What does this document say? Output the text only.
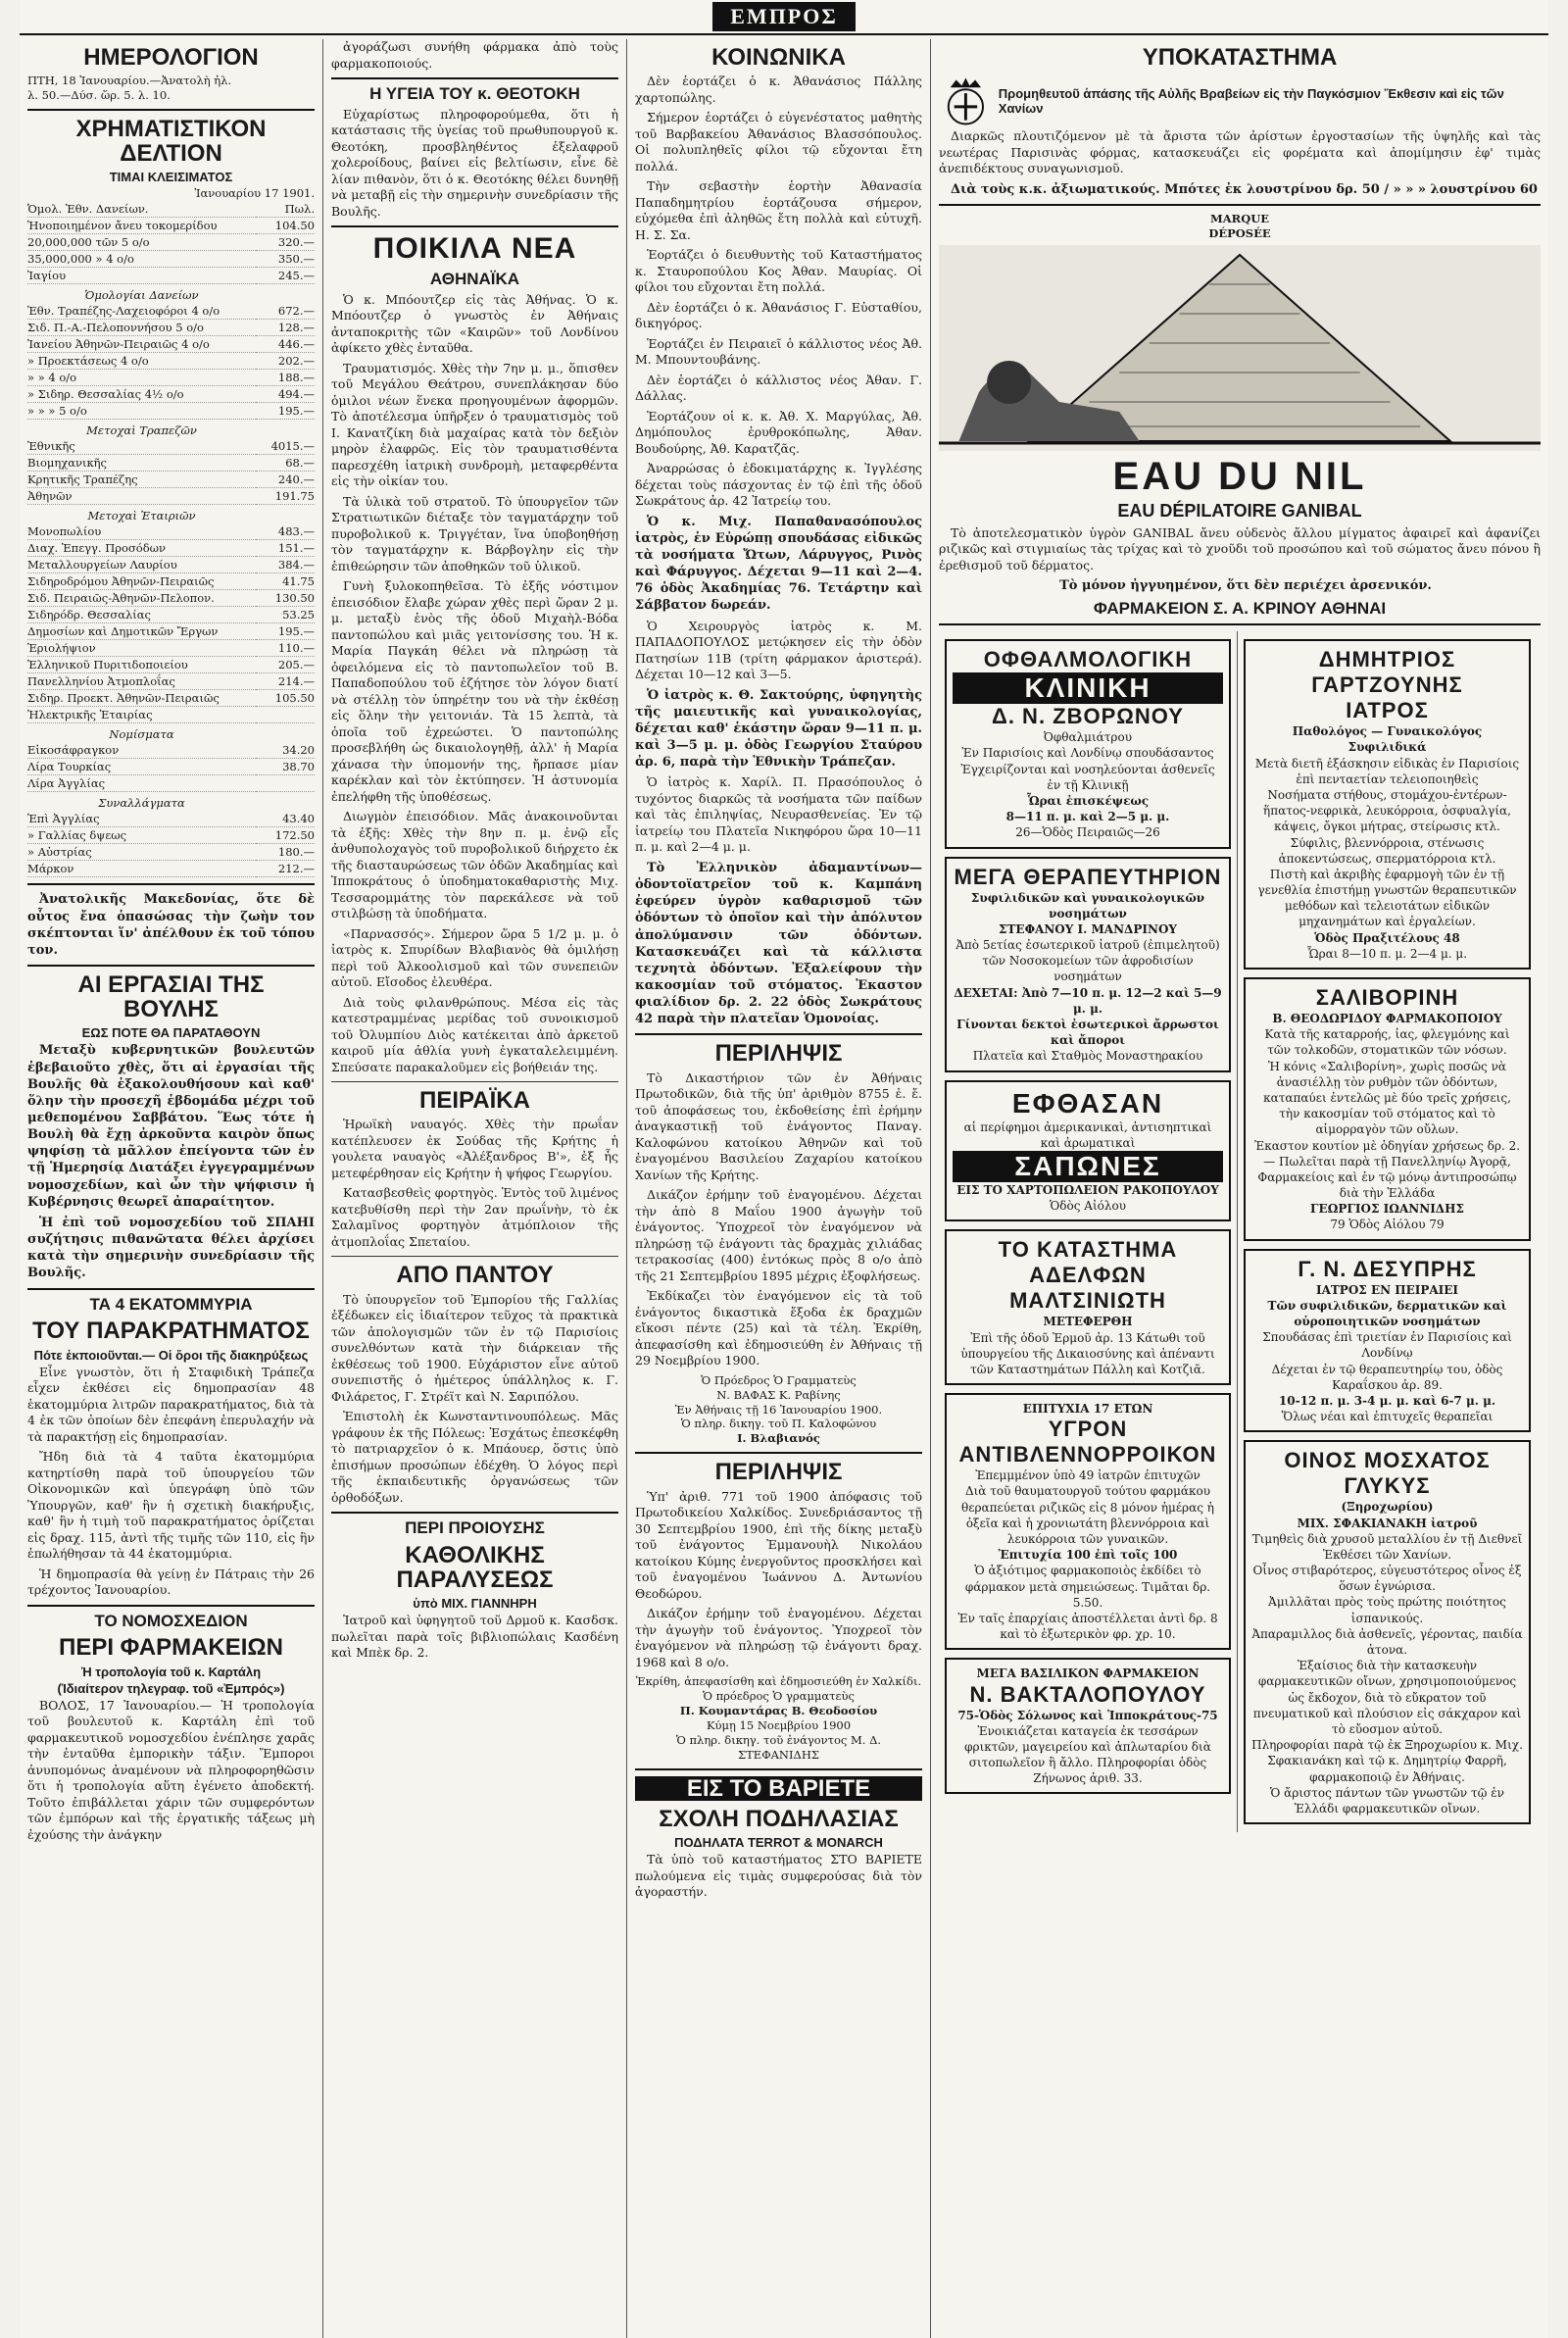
ΕΜΠΡΟΣ
ΗΜΕΡΟΛΟΓΙΟΝ
ΠΤΗ, 18 Ἰανουαρίου.—Ἀνατολὴ ἡλ.
λ. 50.—Δύσ. ὥρ. 5. λ. 10.
ΧΡΗΜΑΤΙΣΤΙΚΟΝ ΔΕΛΤΙΟΝ
ΤΙΜΑΙ ΚΛΕΙΣΙΜΑΤΟΣ
Ἰανουαρίου 17 1901.
Ὁμολ. Ἐθν. Δανείων.	Πωλ.
Ἡνοποιημένον ἄνευ τοκομερίδου	104.50
20,000,000 τῶν 5 ο/ο	320.—
35,000,000 » 4 ο/ο	350.—
Ἰαγίου	245.—
Ὁμολογίαι Δανείων	
Ἐθν. Τραπέζης-Λαχειοφόροι 4 ο/ο	672.—
Σιδ. Π.-Α.-Πελοποννήσου 5 ο/ο	128.—
Ἰανείου Ἀθηνῶν-Πειραιῶς 4 ο/ο	446.—
» Προεκτάσεως 4 ο/ο	202.—
» » 4 ο/ο	188.—
» Σιδηρ. Θεσσαλίας 4½ ο/ο	494.—
» » » 5 ο/ο	195.—
Μετοχαὶ Τραπεζῶν	
Ἐθνικῆς	4015.—
Βιομηχανικῆς	68.—
Κρητικῆς Τραπέζης	240.—
Ἀθηνῶν	191.75
Μετοχαὶ Ἑταιριῶν	
Μονοπωλίου	483.—
Διαχ. Ἐπεγγ. Προσόδων	151.—
Μεταλλουργείων Λαυρίου	384.—
Σιδηροδρόμου Ἀθηνῶν-Πειραιῶς	41.75
Σιδ. Πειραιῶς-Ἀθηνῶν-Πελοπον.	130.50
Σιδηρόδρ. Θεσσαλίας	53.25
Δημοσίων καὶ Δημοτικῶν Ἔργων	195.—
Ἐριολήψιον	110.—
Ἑλληνικοῦ Πυριτιδοποιείου	205.—
Πανελληνίου Ἀτμοπλοΐας	214.—
Σιδηρ. Προεκτ. Ἀθηνῶν-Πειραιῶς	105.50
Ἠλεκτρικῆς Ἑταιρίας	
Νομίσματα	
Εἰκοσάφραγκον	34.20
Λίρα Τουρκίας	38.70
Λίρα Ἀγγλίας	
Συναλλάγματα	
Ἐπὶ Ἀγγλίας	43.40
» Γαλλίας δψεως	172.50
» Αὐστρίας	180.—
Μάρκον	212.—

Ἀνατολικῆς Μακεδονίας, ὅτε δὲ οὗτος ἔνα ὁπασώσας τὴν ζωὴν τον σκέπτονται ἵν' ἀπέλθουν ἐκ τοῦ τόπου τον.

ΑΙ ΕΡΓΑΣΙΑΙ ΤΗΣ ΒΟΥΛΗΣ
ΕΩΣ ΠΟΤΕ ΘΑ ΠΑΡΑΤΑΘΟΥΝ

Μεταξὺ κυβερνητικῶν βουλευτῶν ἐβεβαιοῦτο χθὲς, ὅτι αἱ ἐργασίαι τῆς Βουλῆς θὰ ἐξακολουθήσουν καὶ καθ' ὅλην τὴν προσεχῆ ἑβδομάδα μέχρι τοῦ μεθεπομένου Σαββάτου. Ἕως τότε ἡ Βουλὴ θὰ ἔχῃ ἀρκοῦντα καιρὸν ὅπως ψηφίσῃ τὰ μᾶλλον ἐπείγοντα τῶν ἐν τῇ Ἡμερησίᾳ Διατάξει ἐγγεγραμμένων νομοσχεδίων, καὶ ὧν τὴν ψήφισιν ἡ Κυβέρνησις θεωρεῖ ἀπαραίτητον.

Ἡ ἐπὶ τοῦ νομοσχεδίου τοῦ ΣΠΑΗΙ συζήτησις πιθανῶτατα θέλει ἀρχίσει κατὰ τὴν σημερινὴν συνεδρίασιν τῆς Βουλῆς.

ΤΑ 4 ΕΚΑΤΟΜΜΥΡΙΑ
ΤΟΥ ΠΑΡΑΚΡΑΤΗΜΑΤΟΣ
Πότε ἐκποιοῦνται.— Οἱ ὅροι τῆς διακηρύξεως

Εἶνε γνωστὸν, ὅτι ἡ Σταφιδικὴ Τράπεζα εἶχεν ἐκθέσει εἰς δημοπρασίαν 48 ἑκατομμύρια λιτρῶν παρακρατήματος, διὰ τὰ 4 ἐκ τῶν ὁποίων δὲν ἐπεφάνη ἐπερυλαχήν νὰ τὰ παρακτήσῃ εἰς δημοπρασίαν.

Ἤδη διὰ τὰ 4 ταῦτα ἑκατομμύρια κατηρτίσθη παρὰ τοῦ ὑπουργείου τῶν Οἰκονομικῶν καὶ ὑπεγράφη ὑπὸ τῶν Ὑπουργῶν, καθ' ἣν ἡ σχετικὴ διακήρυξις, καθ' ἣν ἡ τιμὴ τοῦ παρακρατήματος ὁρίζεται εἰς δραχ. 115, ἀντὶ τῆς τιμῆς τῶν 110, εἰς ἣν ἐπωλήθησαν τὰ 44 ἑκατομμύρια.

Ἡ δημοπρασία θὰ γείνῃ ἐν Πάτραις τὴν 26 τρέχοντος Ἰανουαρίου.

ΤΟ ΝΟΜΟΣΧΕΔΙΟΝ
ΠΕΡΙ ΦΑΡΜΑΚΕΙΩΝ
Ἡ τροπολογία τοῦ κ. Καρτάλη
(Ἰδιαίτερον τηλεγραφ. τοῦ «Ἐμπρός»)

ΒΟΛΟΣ, 17 Ἰανουαρίου.— Ἡ τροπολογία τοῦ βουλευτοῦ κ. Καρτάλη ἐπὶ τοῦ φαρμακευτικοῦ νομοσχεδίου ἐνέπλησε χαρᾶς τὴν ἐνταῦθα ἐμπορικὴν τάξιν. Ἔμποροι ἀνυπομόνως ἀναμένουν νὰ πληροφορηθῶσιν ὅτι ἡ τροπολογία αὕτη ἐγένετο ἀποδεκτή. Τοῦτο ἐπιβάλλεται χάριν τῶν συμφερόντων τῶν ἐμπόρων καὶ τῆς ἐργατικῆς τάξεως μὴ ἐχούσης τὴν ἀνάγκην

ἀγοράζωσι συνήθη φάρμακα ἀπὸ τοὺς φαρμακοποιούς.

Η ΥΓΕΙΑ ΤΟΥ κ. ΘΕΟΤΟΚΗ

Εὐχαρίστως πληροφορούμεθα, ὅτι ἡ κατάστασις τῆς ὑγείας τοῦ πρωθυπουργοῦ κ. Θεοτόκη, προσβληθέντος ἐξελαφροῦ χολεροίδους, βαίνει εἰς βελτίωσιν, εἶνε δὲ λίαν πιθανὸν, ὅτι ὁ κ. Θεοτόκης θέλει δυνηθῇ νὰ μεταβῇ εἰς τὴν σημερινὴν συνεδρίασιν τῆς Βουλῆς.

ΠΟΙΚΙΛΑ ΝΕΑ
ΑΘΗΝΑΪΚΑ

Ὁ κ. Μπόουτζερ εἰς τὰς Ἀθήνας. Ὁ κ. Μπόουτζερ ὁ γνωστὸς ἐν Ἀθήναις ἀνταποκριτὴς τῶν «Καιρῶν» τοῦ Λονδίνου ἀφίκετο χθὲς ἐνταῦθα.

Τραυματισμός. Χθὲς τὴν 7ην μ. μ., ὅπισθεν τοῦ Μεγάλου Θεάτρου, συνεπλάκησαν δύο ὁμιλοι νέων ἕνεκα προηγουμένων ἀφορμῶν. Τὸ ἀποτέλεσμα ὑπῆρξεν ὁ τραυματισμὸς τοῦ Ι. Κανατζίκη διὰ μαχαίρας κατὰ τὸν δεξιὸν μηρὸν ἐλαφρῶς. Εἰς τὸν τραυματισθέντα παρεσχέθη ἰατρικὴ συνδρομὴ, μεταφερθέντα εἰς τὴν οἰκίαν του.

Τὰ ὑλικὰ τοῦ στρατοῦ. Τὸ ὑπουργεῖον τῶν Στρατιωτικῶν διέταξε τὸν ταγματάρχην τοῦ πυροβολικοῦ κ. Τριγγέταν, ἵνα ὑποβοηθήσῃ τὸν ταγματάρχην κ. Βάρβογλην εἰς τὴν ἐπιθεώρησιν τῶν ἀποθηκῶν τοῦ ὑλικοῦ.

Γυνὴ ξυλοκοπηθεῖσα. Τὸ ἐξῆς νόστιμον ἐπεισόδιον ἔλαβε χώραν χθὲς περὶ ὥραν 2 μ. μ. μεταξὺ ἑνὸς τῆς ὁδοῦ Μιχαὴλ-Βόδα παντοπώλου καὶ μιᾶς γειτονίσσης του. Ἡ κ. Μαρία Παγκάη θέλει νὰ πληρώσῃ τὰ ὀφειλόμενα εἰς τὸ παντοπωλεῖον τοῦ Β. Παπαδοπούλου τοῦ ἐζήτησε τὸν λόγον διατί νὰ στέλλῃ τὸν ὑπηρέτην του νὰ τὴν ἐκθέσῃ εἰς ὅλην τὴν γειτονιάν. Τὰ 15 λεπτὰ, τὰ ὁποῖα τοῦ ἐχρεώστει. Ὁ παντοπώλης προσεβλήθη ὡς δικαιολογηθῇ, ἀλλ' ἡ Μαρία χάνασα τὴν ὑπομονήν της, ἤρπασε μίαν καρέκλαν καὶ τὸν ἐκτύπησεν. Ἡ ἀστυνομία ἐπελήφθη τῆς ὑποθέσεως.

Διωγμὸν ἐπεισόδιον. Μᾶς ἀνακοινοῦνται τὰ ἐξῆς: Χθὲς τὴν 8ην π. μ. ἐνῷ εἷς ἀνθυπολοχαγὸς τοῦ πυροβολικοῦ διήρχετο ἐκ τῆς διασταυρώσεως τῶν ὁδῶν Ἀκαδημίας καὶ Ἱπποκράτους ὁ ὑποδηματοκαθαριστὴς Μιχ. Τεσσαρομμάτης τὸν παρεκάλεσε νὰ τοῦ στιλβώσῃ τὰ ὑποδήματα.

«Παρνασσός». Σήμερον ὥρα 5 1/2 μ. μ. ὁ ἰατρὸς κ. Σπυρίδων Βλαβιανὸς θὰ ὁμιλήσῃ περὶ τοῦ Ἀλκοολισμοῦ καὶ τῶν συνεπειῶν αὐτοῦ. Εἴσοδος ἐλευθέρα.

Διὰ τοὺς φιλανθρώπους. Μέσα εἰς τὰς κατεστραμμένας μερίδας τοῦ συνοικισμοῦ τοῦ Ὀλυμπίου Διὸς κατέκειται ἀπὸ ἀρκετοῦ καιροῦ μία ἀθλία γυνὴ ἐγκαταλελειμμένη. Σπεύσατε παρακαλοῦμεν εἰς βοήθειάν της.

ΠΕΙΡΑΪΚΑ

Ἡρωϊκὴ ναυαγός. Χθὲς τὴν πρωΐαν κατέπλευσεν ἐκ Σούδας τῆς Κρήτης ἡ γουλετα ναυαγὸς «Ἀλέξανδρος Β'», ἐξ ἧς μετεφέρθησαν εἰς Κρήτην ἡ ψήφος Γεωργίου.

Κατασβεσθεὶς φορτηγὸς. Ἐντὸς τοῦ λιμένος κατεβυθίσθη περὶ τὴν 2αν πρωΐνὴν, τὸ ἐκ Σαλαμῖνος φορτηγὸν ἀτμόπλοιον τῆς ἀτμοπλοΐας Σπεταίου.

ΑΠΟ ΠΑΝΤΟΥ

Τὸ ὑπουργεῖον τοῦ Ἐμπορίου τῆς Γαλλίας ἐξέδωκεν εἰς ἰδιαίτερον τεῦχος τὰ πρακτικὰ τῶν ἀπολογισμῶν τῶν ἐν τῷ Παρισίοις συνελθόντων κατὰ τὴν διάρκειαν τῆς ἐκθέσεως τοῦ 1900. Εὐχάριστον εἶνε αὐτοῦ συνεπιστῆς ὁ ἡμέτερος ὑπάλληλος κ. Γ. Φιλάρετος, Γ. Στρέϊτ καὶ Ν. Σαριπόλου.

Ἐπιστολὴ ἐκ Κωνσταντινουπόλεως. Μᾶς γράφουν ἐκ τῆς Πόλεως: Ἐσχάτως ἐπεσκέφθη τὸ πατριαρχεῖον ὁ κ. Μπάουερ, ὅστις ὑπὸ ἐπισήμων προσώπων ἐδέχθη. Ὁ λόγος περὶ τῆς ἐκπαιδευτικῆς ὀργανώσεως τῶν ὀρθοδόξων.

ΠΕΡΙ ΠΡΟΙΟΥΣΗΣ
ΚΑΘΟΛΙΚΗΣ ΠΑΡΑΛΥΣΕΩΣ
ὑπὸ ΜΙΧ. ΓΙΑΝΝΗΡΗ

Ἰατροῦ καὶ ὑφηγητοῦ τοῦ Δρμοῦ κ. Κασδσκ. πωλεῖται παρὰ τοῖς βιβλιοπώλαις Κασδένη καὶ Μπὲκ δρ. 2.

ΚΟΙΝΩΝΙΚΑ

Δὲν ἑορτάζει ὁ κ. Ἀθανάσιος Πάλλης χαρτοπώλης.

Σήμερον ἑορτάζει ὁ εὐγενέστατος μαθητὴς τοῦ Βαρβακείου Ἀθανάσιος Βλασσόπουλος. Οἱ πολυπληθεῖς φίλοι τῷ εὔχονται ἔτη πολλά.

Τὴν σεβαστὴν ἑορτὴν Ἀθανασία Παπαδημητρίου ἑορτάζουσα σήμερον, εὐχόμεθα ἐπὶ ἀληθῶς ἔτη πολλὰ καὶ εὐτυχῆ. Η. Σ. Σα.

Ἑορτάζει ὁ διευθυντὴς τοῦ Καταστήματος κ. Σταυροπούλου Κος Ἀθαν. Μαυρίας. Οἱ φίλοι του εὔχονται ἔτη πολλά.

Δὲν ἑορτάζει ὁ κ. Ἀθανάσιος Γ. Εὐσταθίου, δικηγόρος.

Ἑορτάζει ἐν Πειραιεῖ ὁ κάλλιστος νέος Ἀθ. Μ. Μπουντουβάνης.

Δὲν ἑορτάζει ὁ κάλλιστος νέος Ἀθαν. Γ. Δάλλας.

Ἑορτάζουν οἱ κ. κ. Ἀθ. Χ. Μαργύλας, Ἀθ. Δημόπουλος ἐρυθροκόπωλης, Ἀθαν. Βουδούρης, Ἀθ. Καρατζᾶς.

Ἀναρρώσας ὁ ἐδοκιματάρχης κ. Ἰγγλέσης δέχεται τοὺς πάσχοντας ἐν τῷ ἐπὶ τῆς ὁδοῦ Σωκράτους ἀρ. 42 Ἰατρείῳ του.

Ὁ κ. Μιχ. Παπαθανασόπουλος ἰατρὸς, ἐν Εὐρώπῃ σπουδάσας εἰδικῶς τὰ νοσήματα Ὤτων, Λάρυγγος, Ρινὸς καὶ Φάρυγγος. Δέχεται 9—11 καὶ 2—4. 76 ὁδὸς Ἀκαδημίας 76. Τετάρτην καὶ Σάββατον δωρεάν.

Ὁ Χειρουργὸς ἰατρὸς κ. Μ. ΠΑΠΑΔΟΠΟΥΛΟΣ μετῴκησεν εἰς τὴν ὁδὸν Πατησίων 11Β (τρίτη φάρμακον ἀριστερά). Δέχεται 10—12 καὶ 3—5.

Ὁ ἰατρὸς κ. Θ. Σακτούρης, ὑφηγητὴς τῆς μαιευτικῆς καὶ γυναικολογίας, δέχεται καθ' ἑκάστην ὥραν 9—11 π. μ. καὶ 3—5 μ. μ. ὁδὸς Γεωργίου Σταύρου ἀρ. 6, παρὰ τὴν Ἐθνικὴν Τράπεζαν.

Ὁ ἰατρὸς κ. Χαρίλ. Π. Πρασόπουλος ὁ τυχόντος διαρκῶς τὰ νοσήματα τῶν παίδων καὶ τὰς ἐπιληψίας, Νευρασθενείας. Ἐν τῷ ἰατρείῳ του Πλατεῖα Νικηφόρου ὥρα 10—11 π. μ. καὶ 2—4 μ. μ.

Τὸ Ἐλληνικὸν ἀδαμαντίνων—ὀδοντοϊατρεῖον τοῦ κ. Καμπάνη ἐφεύρεν ὑγρὸν καθαρισμοῦ τῶν ὀδόντων τὸ ὁποῖον καὶ τὴν ἀπόλυτον ἀπολύμανσιν τῶν ὀδόντων. Κατασκευάζει καὶ τὰ κάλλιστα τεχνητὰ ὀδόντων. Ἐξαλείφουν τὴν κακοσμίαν τοῦ στόματος. Ἐκαστον φιαλίδιον δρ. 2. 22 ὁδὸς Σωκράτους 42 παρὰ τὴν πλατεῖαν Ὁμονοίας.

ΠΕΡΙΛΗΨΙΣ

Τὸ Δικαστήριον τῶν ἐν Ἀθήναις Πρωτοδικῶν, διὰ τῆς ὑπ' ἀριθμὸν 8755 ἐ. ἔ. τοῦ ἀποφάσεως του, ἐκδοθείσης ἐπὶ ἐρήμην ἀναγκαστικῇ τοῦ ἐνάγοντος Παναγ. Καλοφώνου κατοίκου Ἀθηνῶν καὶ τοῦ ἐναγομένου Βασιλείου Ζαχαρίου κατοίκου Χανίων τῆς Κρήτης.

Δικάζον ἐρήμην τοῦ ἐναγομένου. Δέχεται τὴν ἀπὸ 8 Μαΐου 1900 ἀγωγὴν τοῦ ἐνάγοντος. Ὑποχρεοῖ τὸν ἐναγόμενον νὰ πληρώσῃ τῷ ἐνάγοντι τὰς δραχμὰς χιλιάδας τετρακοσίας (400) ἐντόκως πρὸς 8 ο/ο ἀπὸ τῆς 21 Σεπτεμβρίου 1895 μέχρις ἐξοφλήσεως.

Ἐκδίκαζει τὸν ἐναγόμενον εἰς τὰ τοῦ ἐνάγοντος δικαστικὰ ἔξοδα ἐκ δραχμῶν εἴκοσι πέντε (25) καὶ τὰ τέλη. Ἐκρίθη, ἀπεφασίσθη καὶ ἐδημοσιεύθη ἐν Ἀθήναις τῇ 29 Νοεμβρίου 1900.

Ὁ Πρόεδρος Ὁ Γραμματεὺς
Ν. ΒΑΦΑΣ Κ. Ραβίνης
Ἐν Ἀθήναις τῇ 16 Ἰανουαρίου 1900.
Ὁ πληρ. δικηγ. τοῦ Π. Καλοφώνου
Ι. Βλαβιανός
ΠΕΡΙΛΗΨΙΣ

Ὑπ' ἀριθ. 771 τοῦ 1900 ἀπόφασις τοῦ Πρωτοδικείου Χαλκίδος. Συνεδριάσαντος τῇ 30 Σεπτεμβρίου 1900, ἐπὶ τῆς δίκης μεταξὺ τοῦ ἐνάγοντος Ἐμμανουὴλ Νικολάου κατοίκου Κύμης ἐνεργοῦντος προσκλήσει καὶ τοῦ ἐναγομένου Ἰωάννου Δ. Ἀντωνίου Θεοδώρου.

Δικάζον ἐρήμην τοῦ ἐναγομένου. Δέχεται τὴν ἀγωγὴν τοῦ ἐνάγοντος. Ὑποχρεοῖ τὸν ἐναγόμενον νὰ πληρώσῃ τῷ ἐνάγοντι δραχ. 1968 καὶ 8 ο/ο.

Ἐκρίθη, ἀπεφασίσθη καὶ ἐδημοσιεύθη ἐν Χαλκίδι.
Ὁ πρόεδρος Ὁ γραμματεὺς
Π. Κουμαντάρας Β. Θεοδοσίου
Κύμῃ 15 Νοεμβρίου 1900
Ὁ πληρ. δικηγ. τοῦ ἐνάγοντος Μ. Δ. ΣΤΕΦΑΝΙΔΗΣ
ΕΙΣ ΤΟ ΒΑΡΙΕΤΕ
ΣΧΟΛΗ ΠΟΔΗΛΑΣΙΑΣ
ΠΟΔΗΛΑΤΑ TERROT & MONARCH

Τὰ ὑπὸ τοῦ καταστήματος ΣΤΟ ΒΑΡΙΕΤΕ πωλούμενα εἰς τιμὰς συμφερούσας διὰ τὸν ἀγοραστήν.

ΥΠΟΚΑΤΑΣΤΗΜΑ
Προμηθευτοῦ ἁπάσης τῆς Αὐλῆς Βραβείων εἰς τὴν Παγκόσμιον Ἔκθεσιν καὶ εἰς τῶν Χανίων

Διαρκῶς πλουτιζόμενον μὲ τὰ ἄριστα τῶν ἀρίστων ἐργοστασίων τῆς ὑψηλῆς καὶ τὰς νεωτέρας Παρισινὰς φόρμας, κατασκευάζει εἰς φορέματα καὶ ἀπομίμησιν ἐφ' τιμὰς ἀνεπιδέκτους συναγωνισμοῦ.

Διὰ τοὺς κ.κ. ἀξιωματικούς. Μπότες ἐκ λουστρίνου δρ. 50 / » » » λουστρίνου 60

MARQUE
DÉPOSÉE
EAU DU NIL
EAU DÉPILATOIRE GANIBAL

Τὸ ἀποτελεσματικὸν ὑγρὸν GANIBAL ἄνευ οὐδενὸς ἄλλου μίγματος ἀφαιρεῖ καὶ ἀφανίζει ριζικῶς καὶ στιγμιαίως τὰς τρίχας καὶ τὸ χνοῦδι τοῦ προσώπου καὶ τοῦ σώματος ἄνευ πόνου ἢ ἐρεθισμοῦ τοῦ δέρματος.

Τὸ μόνον ἠγγυημένον, ὅτι δὲν περιέχει ἀρσενικόν.

ΦΑΡΜΑΚΕΙΟΝ Σ. Α. ΚΡΙΝΟΥ ΑΘΗΝΑΙ
ΟΦΘΑΛΜΟΛΟΓΙΚΗ
ΚΛΙΝΙΚΗ
Δ. Ν. ΖΒΟΡΩΝΟΥ
Ὀφθαλμιάτρου
Ἐν Παρισίοις καὶ Λονδίνῳ σπουδάσαντος
Ἐγχειρίζονται καὶ νοσηλεύονται ἀσθενεῖς ἐν τῇ Κλινικῇ
Ὧραι ἐπισκέψεως
8—11 π. μ. καὶ 2—5 μ. μ.
26—Ὁδὸς Πειραιῶς—26
ΜΕΓΑ ΘΕΡΑΠΕΥΤΗΡΙΟΝ
Συφιλιδικῶν καὶ γυναικολογικῶν νοσημάτων
ΣΤΕΦΑΝΟΥ Ι. ΜΑΝΔΡΙΝΟΥ
Ἀπὸ 5ετίας ἐσωτερικοῦ ἰατροῦ (ἐπιμελητοῦ) τῶν Νοσοκομείων τῶν ἀφροδισίων νοσημάτων
ΔΕΧΕΤΑΙ: Ἀπὸ 7—10 π. μ. 12—2 καὶ 5—9 μ. μ.
Γίνονται δεκτοὶ ἐσωτερικοὶ ἄρρωστοι καὶ ἄποροι
Πλατεῖα καὶ Σταθμὸς Μοναστηρακίου
ΕΦΘΑΣΑΝ
αἱ περίφημοι ἀμερικανικαὶ, ἀντισηπτικαὶ καὶ ἀρωματικαὶ
ΣΑΠΩΝΕΣ
ΕΙΣ ΤΟ ΧΑΡΤΟΠΩΛΕΙΟΝ ΡΑΚΟΠΟΥΛΟΥ
Ὁδὸς Αἰόλου
ΤΟ ΚΑΤΑΣΤΗΜΑ
ΑΔΕΛΦΩΝ ΜΑΛΤΣΙΝΙΩΤΗ
ΜΕΤΕΦΕΡΘΗ
Ἐπὶ τῆς ὁδοῦ Ἑρμοῦ ἀρ. 13 Κάτωθι τοῦ ὑπουργείου τῆς Δικαιοσύνης καὶ ἀπέναντι τῶν Καταστημάτων Πάλλη καὶ Κοτζιᾶ.
ΕΠΙΤΥΧΙΑ 17 ΕΤΩΝ
ΥΓΡΟΝ
ΑΝΤΙΒΛΕΝΝΟΡΡΟΙΚΟΝ
Ἐπεμμμένον ὑπὸ 49 ἰατρῶν ἐπιτυχῶν
Διὰ τοῦ θαυματουργοῦ τούτου φαρμάκου θεραπεύεται ριζικῶς εἰς 8 μόνον ἡμέρας ἡ ὀξεῖα καὶ ἡ χρονιωτάτη βλεννόρροια καὶ λευκόρροια τῶν γυναικῶν.
Ἐπιτυχία 100 ἐπὶ τοῖς 100
Ὁ ἀξιότιμος φαρμακοποιὸς ἐκδίδει τὸ φάρμακον μετὰ σημειώσεως. Τιμᾶται δρ. 5.50.
Ἐν ταῖς ἐπαρχίαις ἀποστέλλεται ἀντὶ δρ. 8 καὶ τὸ ἐξωτερικὸν φρ. χρ. 10.
ΜΕΓΑ ΒΑΣΙΛΙΚΟΝ ΦΑΡΜΑΚΕΙΟΝ
Ν. ΒΑΚΤΑΛΟΠΟΥΛΟΥ
75-Ὁδὸς Σόλωνος καὶ Ἱπποκράτους-75
Ἐνοικιάζεται καταγεία ἐκ τεσσάρων φρικτῶν, μαγειρείου καὶ ἀπλωταρίου διὰ σιτοπωλεῖον ἢ ἄλλο. Πληροφορίαι ὁδὸς Ζήνωνος ἀριθ. 33.
ΔΗΜΗΤΡΙΟΣ ΓΑΡΤΖΟΥΝΗΣ
ΙΑΤΡΟΣ
Παθολόγος — Γυναικολόγος
Συφιλιδικά
Μετὰ διετῆ ἐξάσκησιν εἰδικὰς ἐν Παρισίοις ἐπὶ πενταετίαν τελειοποιηθεὶς
Νοσήματα στήθους, στομάχου-ἐντέρων-ἥπατος-νεφρικὰ, λευκόρροια, ὀσφυαλγία, κάψεις, ὄγκοι μήτρας, στείρωσις κτλ.
Σύφιλις, βλεννόρροια, στένωσις ἀποκεντώσεως, σπερματόρροια κτλ.
Πιστὴ καὶ ἀκριβὴς ἐφαρμογὴ τῶν ἐν τῇ γενεθλία ἐπιστήμῃ γνωστῶν θεραπευτικῶν μεθόδων καὶ τελειοτάτων εἰδικῶν μηχανημάτων καὶ ἐργαλείων.
Ὁδὸς Πραξιτέλους 48
Ὧραι 8—10 π. μ. 2—4 μ. μ.
ΣΑΛΙΒΟΡΙΝΗ
Β. ΘΕΟΔΩΡΙΔΟΥ ΦΑΡΜΑΚΟΠΟΙΟΥ
Κατὰ τῆς καταρροής, ἰας, φλεγμόνης καὶ τῶν τολκοδῶν, στοματικῶν τῶν νόσων.
Ἡ κόνις «Σαλιβορίνη», χωρὶς ποσῶς νὰ ἀνασιέλλῃ τὸν ρυθμὸν τῶν ὀδόντων, καταπαύει ἐντελῶς μὲ δύο τρεῖς χρήσεις, τὴν κακοσμίαν τοῦ στόματος καὶ τὸ αἱμορραγὸν τῶν οὔλων.
Ἐκαστον κουτίον μὲ ὁδηγίαν χρήσεως δρ. 2.— Πωλεῖται παρὰ τῇ Πανελληνίῳ Ἀγορᾷ, Φαρμακείοις καὶ ἐν τῷ μόνῳ ἀντιπροσώπῳ διὰ τὴν Ἑλλάδα
ΓΕΩΡΓΙΟΣ ΙΩΑΝΝΙΔΗΣ
79 Ὁδὸς Αἰόλου 79
Γ. Ν. ΔΕΣΥΠΡΗΣ
ΙΑΤΡΟΣ ΕΝ ΠΕΙΡΑΙΕΙ
Τῶν συφιλιδικῶν, δερματικῶν καὶ οὐροποιητικῶν νοσημάτων
Σπουδάσας ἐπὶ τριετίαν ἐν Παρισίοις καὶ Λονδίνῳ
Δέχεται ἐν τῷ θεραπευτηρίῳ του, ὁδὸς Καραΐσκου ἀρ. 89.
10-12 π. μ. 3-4 μ. μ. καὶ 6-7 μ. μ.
Ὅλως νέαι καὶ ἐπιτυχεῖς θεραπεῖαι
ΟΙΝΟΣ ΜΟΣΧΑΤΟΣ ΓΛΥΚΥΣ
(Ξηροχωρίου)
ΜΙΧ. ΣΦΑΚΙΑΝΑΚΗ ἰατροῦ
Τιμηθεὶς διὰ χρυσοῦ μεταλλίου ἐν τῇ Διεθνεῖ Ἐκθέσει τῶν Χανίων.
Οἶνος στιβαρότερος, εὐγευστότερος οἶνος ἐξ ὅσων ἐγνώρισα.
Ἀμιλλᾶται πρὸς τοὺς πρώτης ποιότητος ἰσπανικούς.
Ἀπαραμιλλος διὰ ἀσθενεῖς, γέροντας, παιδία ἀτονα.
Ἐξαίσιος διὰ τὴν κατασκευὴν φαρμακευτικῶν οἴνων, χρησιμοποιούμενος ὡς ἔκδοχον, διὰ τὸ εὔκρατον τοῦ πνευματικοῦ καὶ πλούσιον εἰς σάκχαρον καὶ τὸ εὔοσμον αὐτοῦ.
Πληροφορίαι παρὰ τῷ ἐκ Ξηροχωρίου κ. Μιχ. Σφακιανάκη καὶ τῷ κ. Δημητρίῳ Φαρρῆ, φαρμακοποιῷ ἐν Ἀθήναις.
Ὁ ἄριστος πάντων τῶν γνωστῶν τῷ ἐν Ἑλλάδι φαρμακευτικῶν οἴνων.
